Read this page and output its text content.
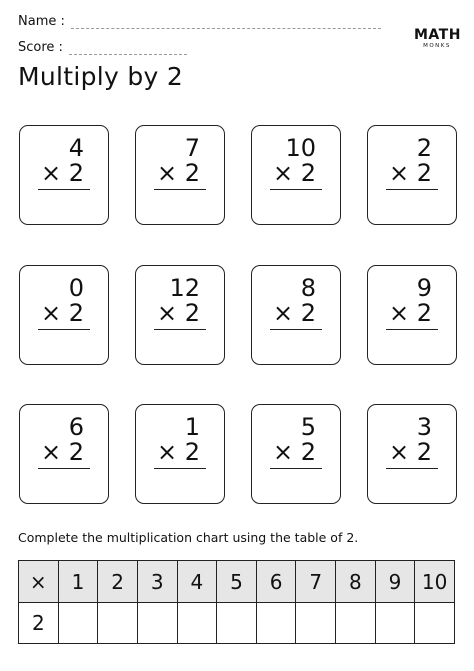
Name :
Score :
MATH
MONKS
Multiply by 2
4
× 2
7
× 2
10
× 2
2
× 2
0
× 2
12
× 2
8
× 2
9
× 2
6
× 2
1
× 2
5
× 2
3
× 2
Complete the multiplication chart using the table of 2.
×	1	2	3	4	5	6	7	8	9	10
2										
